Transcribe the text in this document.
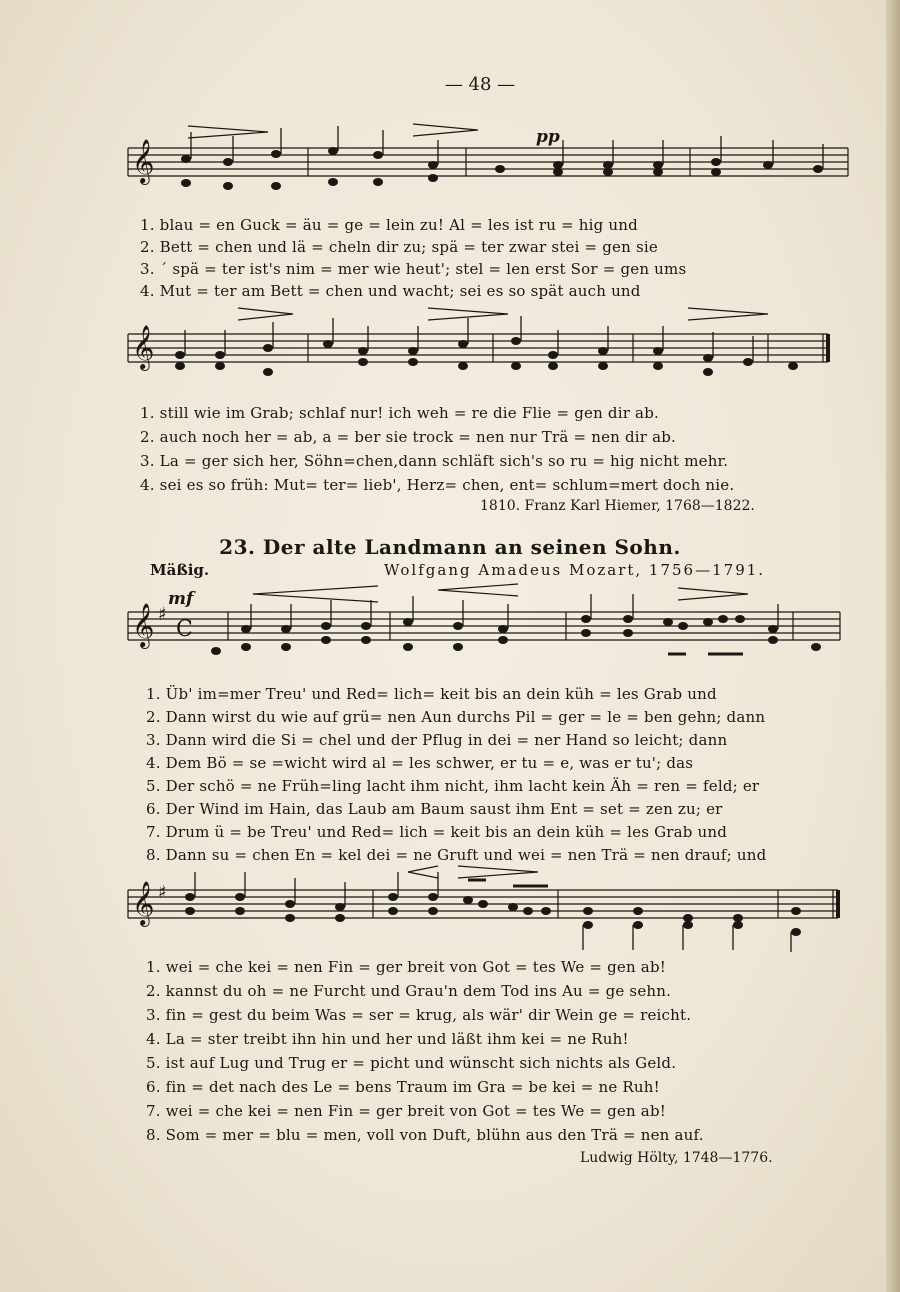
— 48 —
𝄞
pp
1. blau = en Guck = äu = ge = lein zu! Al = les ist ru = hig und
2. Bett = chen und lä = cheln dir zu; spä = ter zwar stei = gen sie
3. ´ spä = ter ist's nim = mer wie heut'; stel = len erst Sor = gen ums
4. Mut = ter am Bett = chen und wacht; sei es so spät auch und
𝄞
1. still wie im Grab; schlaf nur! ich weh = re die Flie = gen dir ab.
2. auch noch her = ab, a = ber sie trock = nen nur Trä = nen dir ab.
3. La = ger sich her, Söhn=chen,dann schläft sich's so ru = hig nicht mehr.
4. sei es so früh: Mut= ter= lieb', Herz= chen, ent= schlum=mert doch nie.
1810. Franz Karl Hiemer, 1768—1822.
23. Der alte Landmann an seinen Sohn.
Mäßig.	Wolfgang Amadeus Mozart, 1756—1791.
𝄞 ♯
C
mf
1. Üb' im=mer Treu' und Red= lich= keit bis an dein küh = les Grab und
2. Dann wirst du wie auf grü= nen Aun durchs Pil = ger = le = ben gehn; dann
3. Dann wird die Si = chel und der Pflug in dei = ner Hand so leicht; dann
4. Dem Bö = se =wicht wird al = les schwer, er tu = e, was er tu'; das
5. Der schö = ne Früh=ling lacht ihm nicht, ihm lacht kein Äh = ren = feld; er
6. Der Wind im Hain, das Laub am Baum saust ihm Ent = set = zen zu; er
7. Drum ü = be Treu' und Red= lich = keit bis an dein küh = les Grab und
8. Dann su = chen En = kel dei = ne Gruft und wei = nen Trä = nen drauf; und
𝄞 ♯
1. wei = che kei = nen Fin = ger breit von Got = tes We = gen ab!
2. kannst du oh = ne Furcht und Grau'n dem Tod ins Au = ge sehn.
3. fin = gest du beim Was = ser = krug, als wär' dir Wein ge = reicht.
4. La = ster treibt ihn hin und her und läßt ihm kei = ne Ruh!
5. ist auf Lug und Trug er = picht und wünscht sich nichts als Geld.
6. fin = det nach des Le = bens Traum im Gra = be kei = ne Ruh!
7. wei = che kei = nen Fin = ger breit von Got = tes We = gen ab!
8. Som = mer = blu = men, voll von Duft, blühn aus den Trä = nen auf.
Ludwig Hölty, 1748—1776.
